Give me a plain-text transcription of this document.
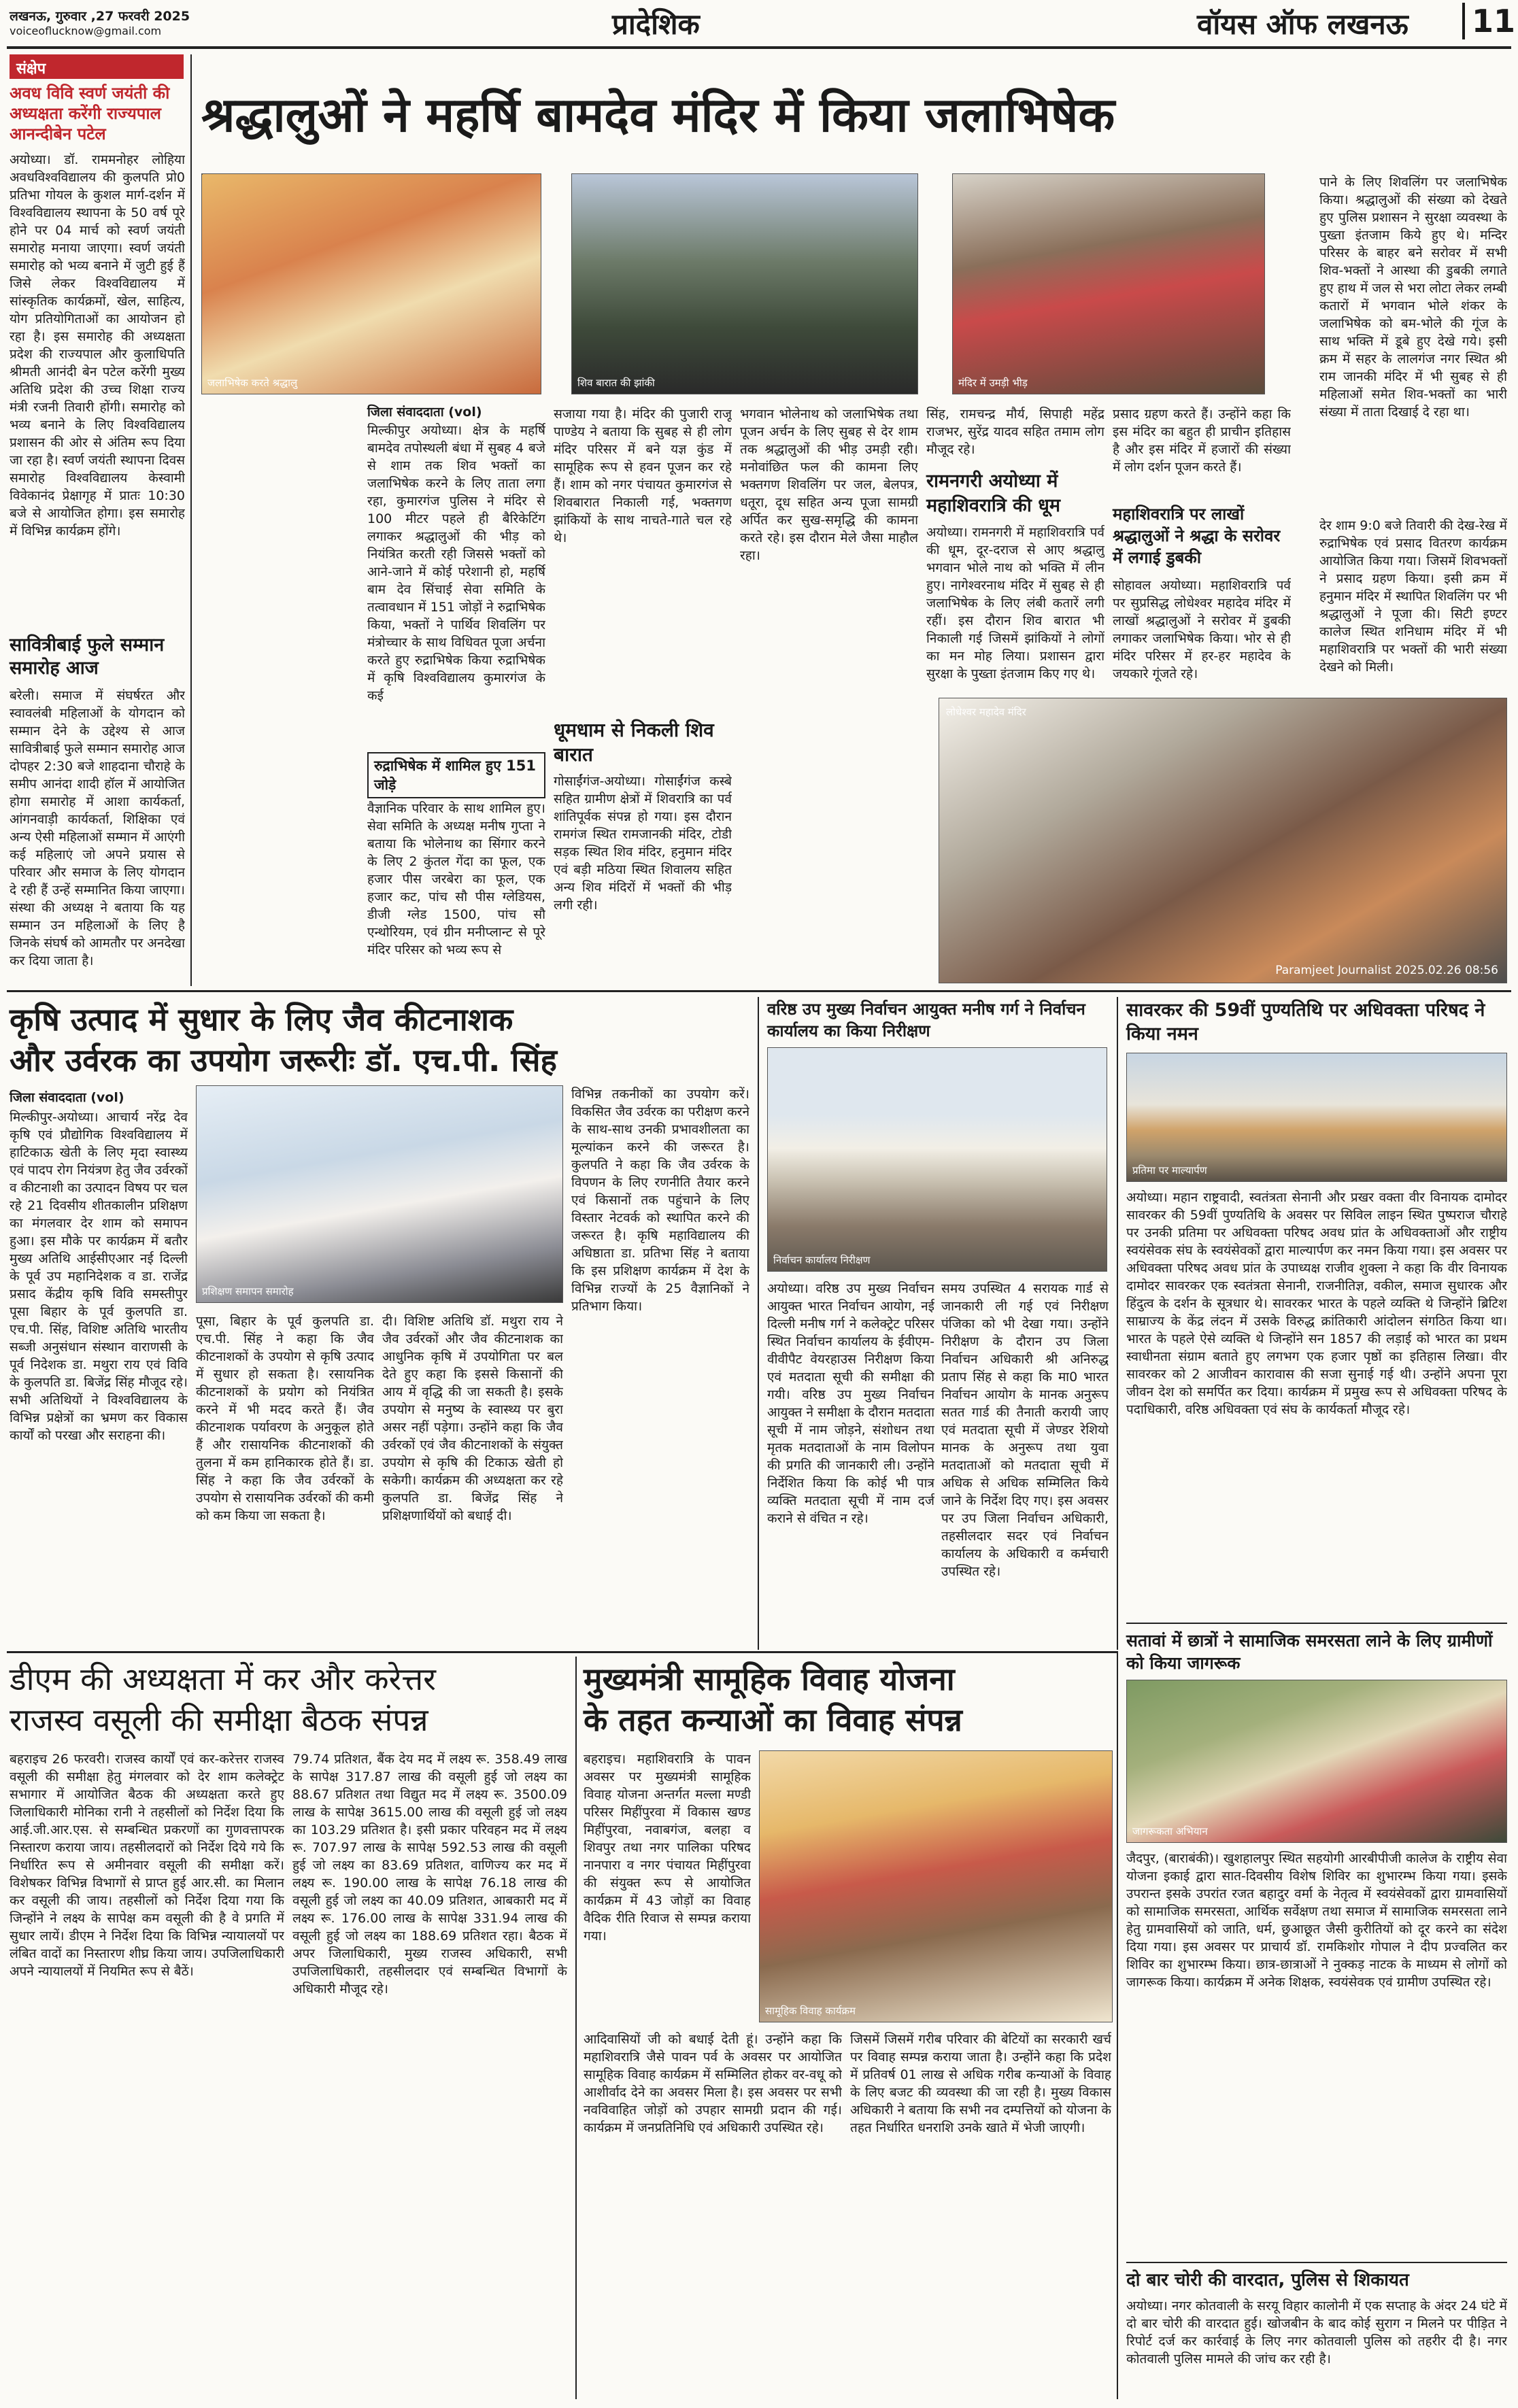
लखनऊ, गुरुवार ,27 फरवरी 2025
voiceoflucknow@gmail.com	प्रादेशिक	वॉयस ऑफ लखनऊ	11
संक्षेप
अवध विवि स्वर्ण जयंती की अध्यक्षता करेंगी राज्यपाल आनन्दीबेन पटेल
अयोध्या। डॉ. राममनोहर लोहिया अवधविश्वविद्यालय की कुलपति प्रो0 प्रतिभा गोयल के कुशल मार्ग-दर्शन में विश्वविद्यालय स्थापना के 50 वर्ष पूरे होने पर 04 मार्च को स्वर्ण जयंती समारोह मनाया जाएगा। स्वर्ण जयंती समारोह को भव्य बनाने में जुटी हुई हैं जिसे लेकर विश्वविद्यालय में सांस्कृतिक कार्यक्रमों, खेल, साहित्य, योग प्रतियोगिताओं का आयोजन हो रहा है। इस समारोह की अध्यक्षता प्रदेश की राज्यपाल और कुलाधिपति श्रीमती आनंदी बेन पटेल करेंगी मुख्य अतिथि प्रदेश की उच्च शिक्षा राज्य मंत्री रजनी तिवारी होंगी। समारोह को भव्य बनाने के लिए विश्वविद्यालय प्रशासन की ओर से अंतिम रूप दिया जा रहा है। स्वर्ण जयंती स्थापना दिवस समारोह विश्वविद्यालय केस्वामी विवेकानंद प्रेक्षागृह में प्रातः 10:30 बजे से आयोजित होगा। इस समारोह में विभिन्न कार्यक्रम होंगे।
सावित्रीबाई फुले सम्मान समारोह आज
बरेली। समाज में संघर्षरत और स्वावलंबी महिलाओं के योगदान को सम्मान देने के उद्देश्य से आज सावित्रीबाई फुले सम्मान समारोह आज दोपहर 2:30 बजे शाहदाना चौराहे के समीप आनंदा शादी हॉल में आयोजित होगा समारोह में आशा कार्यकर्ता, आंगनवाड़ी कार्यकर्ता, शिक्षिका एवं अन्य ऐसी महिलाओं सम्मान में आएंगी कई महिलाएं जो अपने प्रयास से परिवार और समाज के लिए योगदान दे रही हैं उन्हें सम्मानित किया जाएगा। संस्था की अध्यक्ष ने बताया कि यह सम्मान उन महिलाओं के लिए है जिनके संघर्ष को आमतौर पर अनदेखा कर दिया जाता है।
श्रद्धालुओं ने महर्षि बामदेव मंदिर में किया जलाभिषेक
जलाभिषेक करते श्रद्धालु	शिव बारात की झांकी	मंदिर में उमड़ी भीड़
जिला संवाददाता (vol)
मिल्कीपुर अयोध्या। क्षेत्र के महर्षि बामदेव तपोस्थली बंधा में सुबह 4 बजे से शाम तक शिव भक्तों का जलाभिषेक करने के लिए ताता लगा रहा, कुमारगंज पुलिस ने मंदिर से 100 मीटर पहले ही बैरिकेटिंग लगाकर श्रद्धालुओं की भीड़ को नियंत्रित करती रही जिससे भक्तों को आने-जाने में कोई परेशानी हो, महर्षि बाम देव सिंचाई सेवा समिति के तत्वावधान में 151 जोड़ों ने रुद्राभिषेक किया, भक्तों ने पार्थिव शिवलिंग पर मंत्रोच्चार के साथ विधिवत पूजा अर्चना करते हुए रुद्राभिषेक किया रुद्राभिषेक में कृषि विश्वविद्यालय कुमारगंज के कई
रुद्राभिषेक में शामिल हुए 151 जोड़े
वैज्ञानिक परिवार के साथ शामिल हुए। सेवा समिति के अध्यक्ष मनीष गुप्ता ने बताया कि भोलेनाथ का सिंगार करने के लिए 2 कुंतल गेंदा का फूल, एक हजार पीस जरबेरा का फूल, एक हजार कट, पांच सौ पीस ग्लेडियस, डीजी ग्लेड 1500, पांच सौ एन्थोरियम, एवं ग्रीन मनीप्लान्ट से पूरे मंदिर परिसर को भव्य रूप से
सजाया गया है। मंदिर की पुजारी राजू पाण्डेय ने बताया कि सुबह से ही लोग मंदिर परिसर में बने यज्ञ कुंड में सामूहिक रूप से हवन पूजन कर रहे हैं। शाम को नगर पंचायत कुमारगंज से शिवबारात निकाली गई, भक्तगण झांकियों के साथ नाचते-गाते चल रहे थे।
धूमधाम से निकली शिव बारात
गोसाईंगंज-अयोध्या। गोसाईंगंज कस्बे सहित ग्रामीण क्षेत्रों में शिवरात्रि का पर्व शांतिपूर्वक संपन्न हो गया। इस दौरान रामगंज स्थित रामजानकी मंदिर, टोडी सड़क स्थित शिव मंदिर, हनुमान मंदिर एवं बड़ी मठिया स्थित शिवालय सहित अन्य शिव मंदिरों में भक्तों की भीड़ लगी रही।
भगवान भोलेनाथ को जलाभिषेक तथा पूजन अर्चन के लिए सुबह से देर शाम तक श्रद्धालुओं की भीड़ उमड़ी रही। मनोवांछित फल की कामना लिए भक्तगण शिवलिंग पर जल, बेलपत्र, धतूरा, दूध सहित अन्य पूजा सामग्री अर्पित कर सुख-समृद्धि की कामना करते रहे। इस दौरान मेले जैसा माहौल रहा।
सिंह, रामचन्द्र मौर्य, सिपाही महेंद्र राजभर, सुरेंद्र यादव सहित तमाम लोग मौजूद रहे।
रामनगरी अयोध्या में महाशिवरात्रि की धूम
अयोध्या। रामनगरी में महाशिवरात्रि पर्व की धूम, दूर-दराज से आए श्रद्धालु भगवान भोले नाथ को भक्ति में लीन हुए। नागेश्वरनाथ मंदिर में सुबह से ही जलाभिषेक के लिए लंबी कतारें लगी रहीं। इस दौरान शिव बारात भी निकाली गई जिसमें झांकियों ने लोगों का मन मोह लिया। प्रशासन द्वारा सुरक्षा के पुख्ता इंतजाम किए गए थे।
प्रसाद ग्रहण करते हैं। उन्होंने कहा कि इस मंदिर का बहुत ही प्राचीन इतिहास है और इस मंदिर में हजारों की संख्या में लोग दर्शन पूजन करते हैं।
महाशिवरात्रि पर लाखों श्रद्धालुओं ने श्रद्धा के सरोवर में लगाई डुबकी
सोहावल अयोध्या। महाशिवरात्रि पर्व पर सुप्रसिद्ध लोधेश्वर महादेव मंदिर में लाखों श्रद्धालुओं ने सरोवर में डुबकी लगाकर जलाभिषेक किया। भोर से ही मंदिर परिसर में हर-हर महादेव के जयकारे गूंजते रहे।
पाने के लिए शिवलिंग पर जलाभिषेक किया। श्रद्धालुओं की संख्या को देखते हुए पुलिस प्रशासन ने सुरक्षा व्यवस्था के पुख्ता इंतजाम किये हुए थे। मन्दिर परिसर के बाहर बने सरोवर में सभी शिव-भक्तों ने आस्था की डुबकी लगाते हुए हाथ में जल से भरा लोटा लेकर लम्बी कतारों में भगवान भोले शंकर के जलाभिषेक को बम-भोले की गूंज के साथ भक्ति में डूबे हुए देखे गये। इसी क्रम में सहर के लालगंज नगर स्थित श्री राम जानकी मंदिर में भी सुबह से ही महिलाओं समेत शिव-भक्तों का भारी संख्या में ताता दिखाई दे रहा था।
देर शाम 9:0 बजे तिवारी की देख-रेख में रुद्राभिषेक एवं प्रसाद वितरण कार्यक्रम आयोजित किया गया। जिसमें शिवभक्तों ने प्रसाद ग्रहण किया। इसी क्रम में हनुमान मंदिर में स्थापित शिवलिंग पर भी श्रद्धालुओं ने पूजा की। सिटी इण्टर कालेज स्थित शनिधाम मंदिर में भी महाशिवरात्रि पर भक्तों की भारी संख्या देखने को मिली।
लोधेश्वर महादेव मंदिर
Paramjeet Journalist 2025.02.26 08:56
कृषि उत्पाद में सुधार के लिए जैव कीटनाशक
और उर्वरक का उपयोग जरूरीः डॉ. एच.पी. सिंह
जिला संवाददाता (vol)
मिल्कीपुर-अयोध्या। आचार्य नरेंद्र देव कृषि एवं प्रौद्योगिक विश्वविद्यालय में हाटिकाऊ खेती के लिए मृदा स्वास्थ्य एवं पादप रोग नियंत्रण हेतु जैव उर्वरकों व कीटनाशी का उत्पादन विषय पर चल रहे 21 दिवसीय शीतकालीन प्रशिक्षण का मंगलवार देर शाम को समापन हुआ। इस मौके पर कार्यक्रम में बतौर मुख्य अतिथि आईसीएआर नई दिल्ली के पूर्व उप महानिदेशक व डा. राजेंद्र प्रसाद केंद्रीय कृषि विवि समस्तीपुर पूसा बिहार के पूर्व कुलपति डा. एच.पी. सिंह, विशिष्ट अतिथि भारतीय सब्जी अनुसंधान संस्थान वाराणसी के पूर्व निदेशक डा. मथुरा राय एवं विवि के कुलपति डा. बिजेंद्र सिंह मौजूद रहे। सभी अतिथियों ने विश्वविद्यालय के विभिन्न प्रक्षेत्रों का भ्रमण कर विकास कार्यों को परखा और सराहना की।
प्रशिक्षण समापन समारोह
पूसा, बिहार के पूर्व कुलपति डा. एच.पी. सिंह ने कहा कि जैव कीटनाशकों के उपयोग से कृषि उत्पाद में सुधार हो सकता है। रसायनिक कीटनाशकों के प्रयोग को नियंत्रित करने में भी मदद करते हैं। जैव कीटनाशक पर्यावरण के अनुकूल होते हैं और रासायनिक कीटनाशकों की तुलना में कम हानिकारक होते हैं। डा. सिंह ने कहा कि जैव उर्वरकों के उपयोग से रासायनिक उर्वरकों की कमी को कम किया जा सकता है।
दी। विशिष्ट अतिथि डॉ. मथुरा राय ने जैव उर्वरकों और जैव कीटनाशक का आधुनिक कृषि में उपयोगिता पर बल देते हुए कहा कि इससे किसानों की आय में वृद्धि की जा सकती है। इसके उपयोग से मनुष्य के स्वास्थ्य पर बुरा असर नहीं पड़ेगा। उन्होंने कहा कि जैव उर्वरकों एवं जैव कीटनाशकों के संयुक्त उपयोग से कृषि की टिकाऊ खेती हो सकेगी। कार्यक्रम की अध्यक्षता कर रहे कुलपति डा. बिजेंद्र सिंह ने प्रशिक्षणार्थियों को बधाई दी।
विभिन्न तकनीकों का उपयोग करें। विकसित जैव उर्वरक का परीक्षण करने के साथ-साथ उनकी प्रभावशीलता का मूल्यांकन करने की जरूरत है। कुलपति ने कहा कि जैव उर्वरक के विपणन के लिए रणनीति तैयार करने एवं किसानों तक पहुंचाने के लिए विस्तार नेटवर्क को स्थापित करने की जरूरत है। कृषि महाविद्यालय की अधिष्ठाता डा. प्रतिभा सिंह ने बताया कि इस प्रशिक्षण कार्यक्रम में देश के विभिन्न राज्यों के 25 वैज्ञानिकों ने प्रतिभाग किया।
वरिष्ठ उप मुख्य निर्वाचन आयुक्त मनीष गर्ग ने निर्वाचन कार्यालय का किया निरीक्षण
निर्वाचन कार्यालय निरीक्षण
अयोध्या। वरिष्ठ उप मुख्य निर्वाचन आयुक्त भारत निर्वाचन आयोग, नई दिल्ली मनीष गर्ग ने कलेक्ट्रेट परिसर स्थित निर्वाचन कार्यालय के ईवीएम-वीवीपैट वेयरहाउस निरीक्षण किया एवं मतदाता सूची की समीक्षा की गयी। वरिष्ठ उप मुख्य निर्वाचन आयुक्त ने समीक्षा के दौरान मतदाता सूची में नाम जोड़ने, संशोधन तथा मृतक मतदाताओं के नाम विलोपन की प्रगति की जानकारी ली। उन्होंने निर्देशित किया कि कोई भी पात्र व्यक्ति मतदाता सूची में नाम दर्ज कराने से वंचित न रहे।
समय उपस्थित 4 सरायक गार्ड से जानकारी ली गई एवं निरीक्षण पंजिका को भी देखा गया। उन्होंने निरीक्षण के दौरान उप जिला निर्वाचन अधिकारी श्री अनिरुद्ध प्रताप सिंह से कहा कि मा0 भारत निर्वाचन आयोग के मानक अनुरूप सतत गार्ड की तैनाती करायी जाए एवं मतदाता सूची में जेण्डर रेशियो मानक के अनुरूप तथा युवा मतदाताओं को मतदाता सूची में अधिक से अधिक सम्मिलित किये जाने के निर्देश दिए गए। इस अवसर पर उप जिला निर्वाचन अधिकारी, तहसीलदार सदर एवं निर्वाचन कार्यालय के अधिकारी व कर्मचारी उपस्थित रहे।
सावरकर की 59वीं पुण्यतिथि पर अधिवक्ता परिषद ने किया नमन
प्रतिमा पर माल्यार्पण
अयोध्या। महान राष्ट्रवादी, स्वतंत्रता सेनानी और प्रखर वक्ता वीर विनायक दामोदर सावरकर की 59वीं पुण्यतिथि के अवसर पर सिविल लाइन स्थित पुष्पराज चौराहे पर उनकी प्रतिमा पर अधिवक्ता परिषद अवध प्रांत के अधिवक्ताओं और राष्ट्रीय स्वयंसेवक संघ के स्वयंसेवकों द्वारा माल्यार्पण कर नमन किया गया। इस अवसर पर अधिवक्ता परिषद अवध प्रांत के उपाध्यक्ष राजीव शुक्ला ने कहा कि वीर विनायक दामोदर सावरकर एक स्वतंत्रता सेनानी, राजनीतिज्ञ, वकील, समाज सुधारक और हिंदुत्व के दर्शन के सूत्रधार थे। सावरकर भारत के पहले व्यक्ति थे जिन्होंने ब्रिटिश साम्राज्य के केंद्र लंदन में उसके विरुद्ध क्रांतिकारी आंदोलन संगठित किया था। भारत के पहले ऐसे व्यक्ति थे जिन्होंने सन 1857 की लड़ाई को भारत का प्रथम स्वाधीनता संग्राम बताते हुए लगभग एक हजार पृष्ठों का इतिहास लिखा। वीर सावरकर को 2 आजीवन कारावास की सजा सुनाई गई थी। उन्होंने अपना पूरा जीवन देश को समर्पित कर दिया। कार्यक्रम में प्रमुख रूप से अधिवक्ता परिषद के पदाधिकारी, वरिष्ठ अधिवक्ता एवं संघ के कार्यकर्ता मौजूद रहे।
सतावां में छात्रों ने सामाजिक समरसता लाने के लिए ग्रामीणों को किया जागरूक
जागरूकता अभियान
जैदपुर, (बाराबंकी)। खुशहालपुर स्थित सहयोगी आरबीपीजी कालेज के राष्ट्रीय सेवा योजना इकाई द्वारा सात-दिवसीय विशेष शिविर का शुभारम्भ किया गया। इसके उपरान्त इसके उपरांत रजत बहादुर वर्मा के नेतृत्व में स्वयंसेवकों द्वारा ग्रामवासियों को सामाजिक समरसता, आर्थिक सर्वेक्षण तथा समाज में सामाजिक समरसता लाने हेतु ग्रामवासियों को जाति, धर्म, छुआछूत जैसी कुरीतियों को दूर करने का संदेश दिया गया। इस अवसर पर प्राचार्य डॉ. रामकिशोर गोपाल ने दीप प्रज्वलित कर शिविर का शुभारम्भ किया। छात्र-छात्राओं ने नुक्कड़ नाटक के माध्यम से लोगों को जागरूक किया। कार्यक्रम में अनेक शिक्षक, स्वयंसेवक एवं ग्रामीण उपस्थित रहे।
दो बार चोरी की वारदात, पुलिस से शिकायत
अयोध्या। नगर कोतवाली के सरयू विहार कालोनी में एक सप्ताह के अंदर 24 घंटे में दो बार चोरी की वारदात हुई। खोजबीन के बाद कोई सुराग न मिलने पर पीड़ित ने रिपोर्ट दर्ज कर कार्रवाई के लिए नगर कोतवाली पुलिस को तहरीर दी है। नगर कोतवाली पुलिस मामले की जांच कर रही है।
डीएम की अध्यक्षता में कर और करेत्तर
राजस्व वसूली की समीक्षा बैठक संपन्न
बहराइच 26 फरवरी। राजस्व कार्यों एवं कर-करेत्तर राजस्व वसूली की समीक्षा हेतु मंगलवार को देर शाम कलेक्ट्रेट सभागार में आयोजित बैठक की अध्यक्षता करते हुए जिलाधिकारी मोनिका रानी ने तहसीलों को निर्देश दिया कि आई.जी.आर.एस. से सम्बन्धित प्रकरणों का गुणवत्तापरक निस्तारण कराया जाय। तहसीलदारों को निर्देश दिये गये कि निर्धारित रूप से अमीनवार वसूली की समीक्षा करें। विशेषकर विभिन्न विभागों से प्राप्त हुई आर.सी. का मिलान कर वसूली की जाय। तहसीलों को निर्देश दिया गया कि जिन्होंने ने लक्ष्य के सापेक्ष कम वसूली की है वे प्रगति में सुधार लायें। डीएम ने निर्देश दिया कि विभिन्न न्यायालयों पर लंबित वादों का निस्तारण शीघ्र किया जाय। उपजिलाधिकारी अपने न्यायालयों में नियमित रूप से बैठें।
79.74 प्रतिशत, बैंक देय मद में लक्ष्य रू. 358.49 लाख के सापेक्ष 317.87 लाख की वसूली हुई जो लक्ष्य का 88.67 प्रतिशत तथा विद्युत मद में लक्ष्य रू. 3500.09 लाख के सापेक्ष 3615.00 लाख की वसूली हुई जो लक्ष्य का 103.29 प्रतिशत है। इसी प्रकार परिवहन मद में लक्ष्य रू. 707.97 लाख के सापेक्ष 592.53 लाख की वसूली हुई जो लक्ष्य का 83.69 प्रतिशत, वाणिज्य कर मद में लक्ष्य रू. 190.00 लाख के सापेक्ष 76.18 लाख की वसूली हुई जो लक्ष्य का 40.09 प्रतिशत, आबकारी मद में लक्ष्य रू. 176.00 लाख के सापेक्ष 331.94 लाख की वसूली हुई जो लक्ष्य का 188.69 प्रतिशत रहा। बैठक में अपर जिलाधिकारी, मुख्य राजस्व अधिकारी, सभी उपजिलाधिकारी, तहसीलदार एवं सम्बन्धित विभागों के अधिकारी मौजूद रहे।
मुख्यमंत्री सामूहिक विवाह योजना
के तहत कन्याओं का विवाह संपन्न
बहराइच। महाशिवरात्रि के पावन अवसर पर मुख्यमंत्री सामूहिक विवाह योजना अन्तर्गत मल्ला मण्डी परिसर मिहींपुरवा में विकास खण्ड मिहींपुरवा, नवाबगंज, बलहा व शिवपुर तथा नगर पालिका परिषद नानपारा व नगर पंचायत मिहींपुरवा की संयुक्त रूप से आयोजित कार्यक्रम में 43 जोड़ों का विवाह वैदिक रीति रिवाज से सम्पन्न कराया गया।
सामूहिक विवाह कार्यक्रम
आदिवासियों जी को बधाई देती हूं। उन्होंने कहा कि महाशिवरात्रि जैसे पावन पर्व के अवसर पर आयोजित सामूहिक विवाह कार्यक्रम में सम्मिलित होकर वर-वधू को आशीर्वाद देने का अवसर मिला है। इस अवसर पर सभी नवविवाहित जोड़ों को उपहार सामग्री प्रदान की गई। कार्यक्रम में जनप्रतिनिधि एवं अधिकारी उपस्थित रहे।
जिसमें जिसमें गरीब परिवार की बेटियों का सरकारी खर्च पर विवाह सम्पन्न कराया जाता है। उन्होंने कहा कि प्रदेश में प्रतिवर्ष 01 लाख से अधिक गरीब कन्याओं के विवाह के लिए बजट की व्यवस्था की जा रही है। मुख्य विकास अधिकारी ने बताया कि सभी नव दम्पत्तियों को योजना के तहत निर्धारित धनराशि उनके खाते में भेजी जाएगी।
